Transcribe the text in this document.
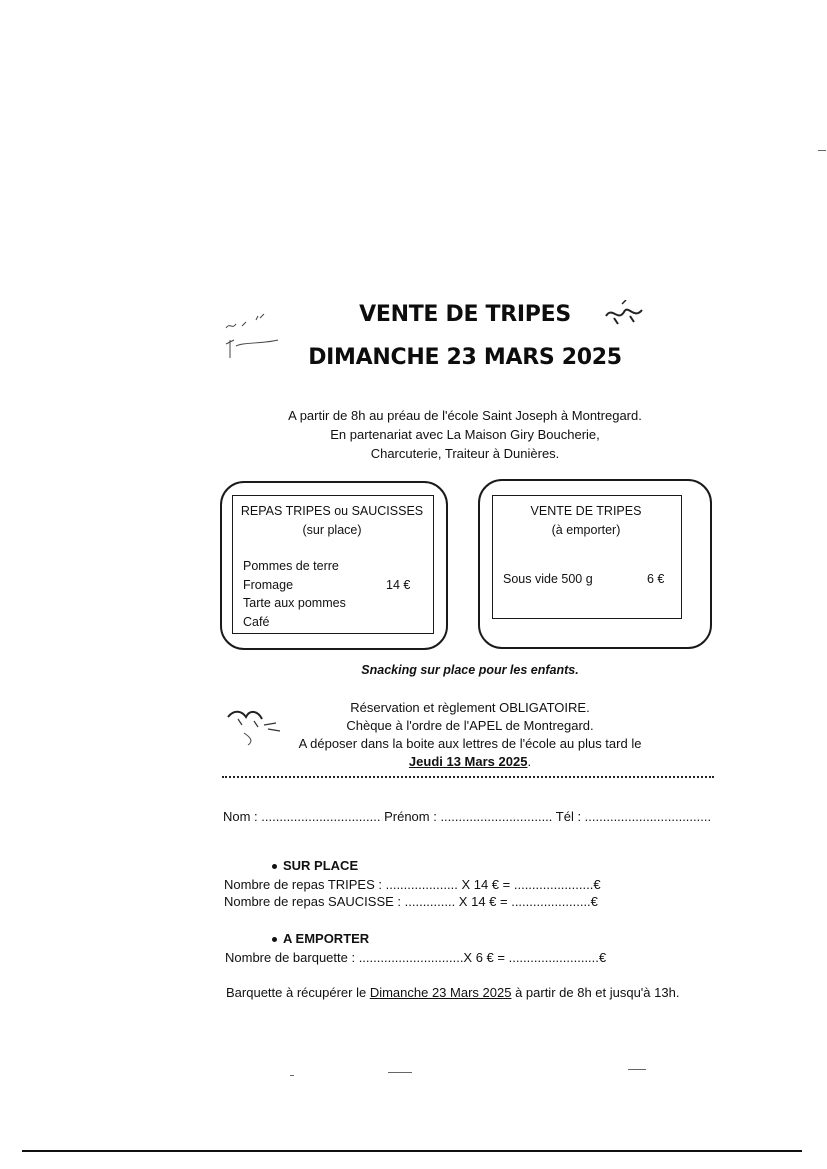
VENTE DE TRIPES
DIMANCHE 23 MARS 2025
A partir de 8h au préau de l'école Saint Joseph à Montregard.
En partenariat avec La Maison Giry Boucherie,
Charcuterie, Traiteur à Dunières.
REPAS TRIPES ou SAUCISSES
(sur place)
Pommes de terre
Fromage	14 €
Tarte aux pommes
Café
VENTE DE TRIPES
(à emporter)
Sous vide 500 g	6 €
Snacking sur place pour les enfants.
Réservation et règlement OBLIGATOIRE.
Chèque à l'ordre de l'APEL de Montregard.
A déposer dans la boite aux lettres de l'école au plus tard le
Jeudi 13 Mars 2025.
Nom : ................................. Prénom : ............................... Tél : ...................................
SUR PLACE
Nombre de repas TRIPES : .................... X 14 € = ......................€
Nombre de repas SAUCISSE : .............. X 14 € = ......................€
A EMPORTER
Nombre de barquette : .............................X 6 € = .........................€
Barquette à récupérer le Dimanche 23 Mars 2025 à partir de 8h et jusqu'à 13h.
